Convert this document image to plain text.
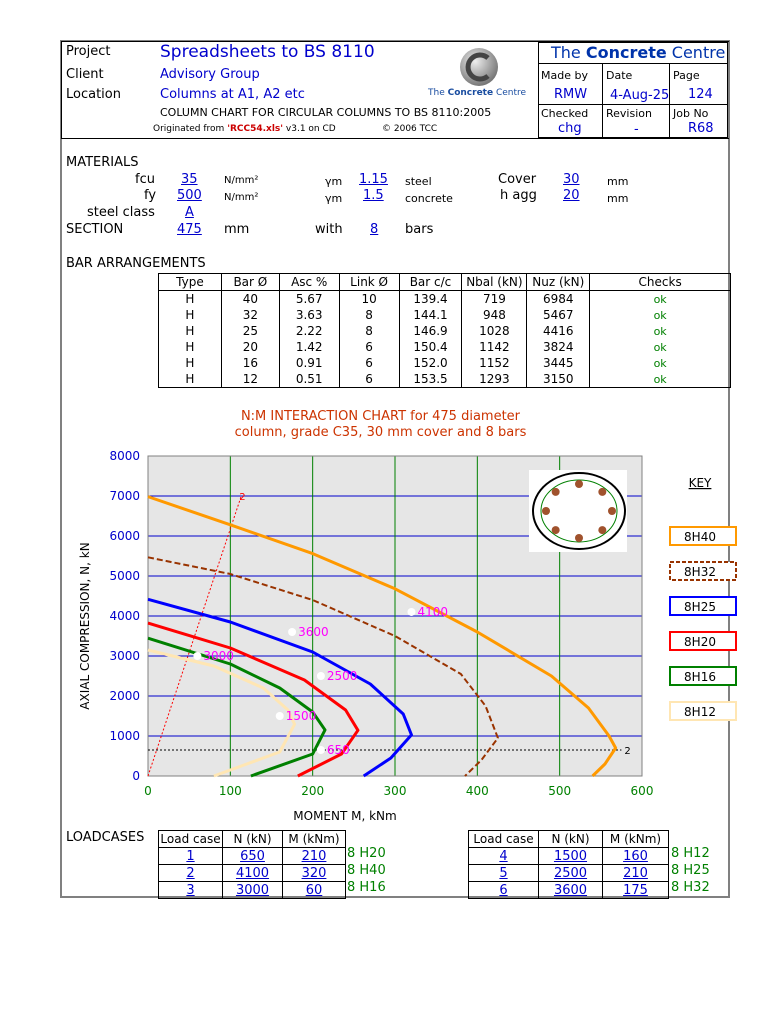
Project	Spreadsheets to BS 8110
Client	Advisory Group
Location	Columns at A1, A2 etc
COLUMN CHART FOR CIRCULAR COLUMNS TO BS 8110:2005
Originated from 'RCC54.xls' v3.1 on CD	© 2006 TCC
The Concrete Centre
The Concrete Centre
Made by
RMW
Date
4-Aug-25
Page
124
Checked
chg
Revision
-
Job No
R68
MATERIALS
fcu 35	N/mm²	γm 1.15 steel	Cover 30 mm
fy 500 N/mm²	γm 1.5 concrete	h agg 20 mm
steel class A
SECTION	475 mm	with 8 bars
BAR ARRANGEMENTS
Type	Bar Ø	Asc %	Link Ø	Bar c/c	Nbal (kN)	Nuz (kN)	Checks
H	40	5.67	10	139.4	719	6984	ok
H	32	3.63	8	144.1	948	5467	ok
H	25	2.22	8	146.9	1028	4416	ok
H	20	1.42	6	150.4	1142	3824	ok
H	16	0.91	6	152.0	1152	3445	ok
H	12	0.51	6	153.5	1293	3150	ok
N:M INTERACTION CHART for 475 diameter
column, grade C35, 30 mm cover and 8 bars
0
1000
2000
3000
4000
5000
6000
7000
8000
0	100	200	300	400	500	600
MOMENT M, kNm
AXIAL COMPRESSION, N, kN
2
2
4100
3600
3000
2500
1500
650
KEY
8H40
8H32
8H25
8H20
8H16
8H12
LOADCASES Load case	N (kN)	M (kNm)
1	650	210
2	4100	320
3	3000	60
Load case	N (kN)	M (kNm)
4	1500	160
5	2500	210
6	3600	175
8 H20
8 H40
8 H16
8 H12
8 H25
8 H32
